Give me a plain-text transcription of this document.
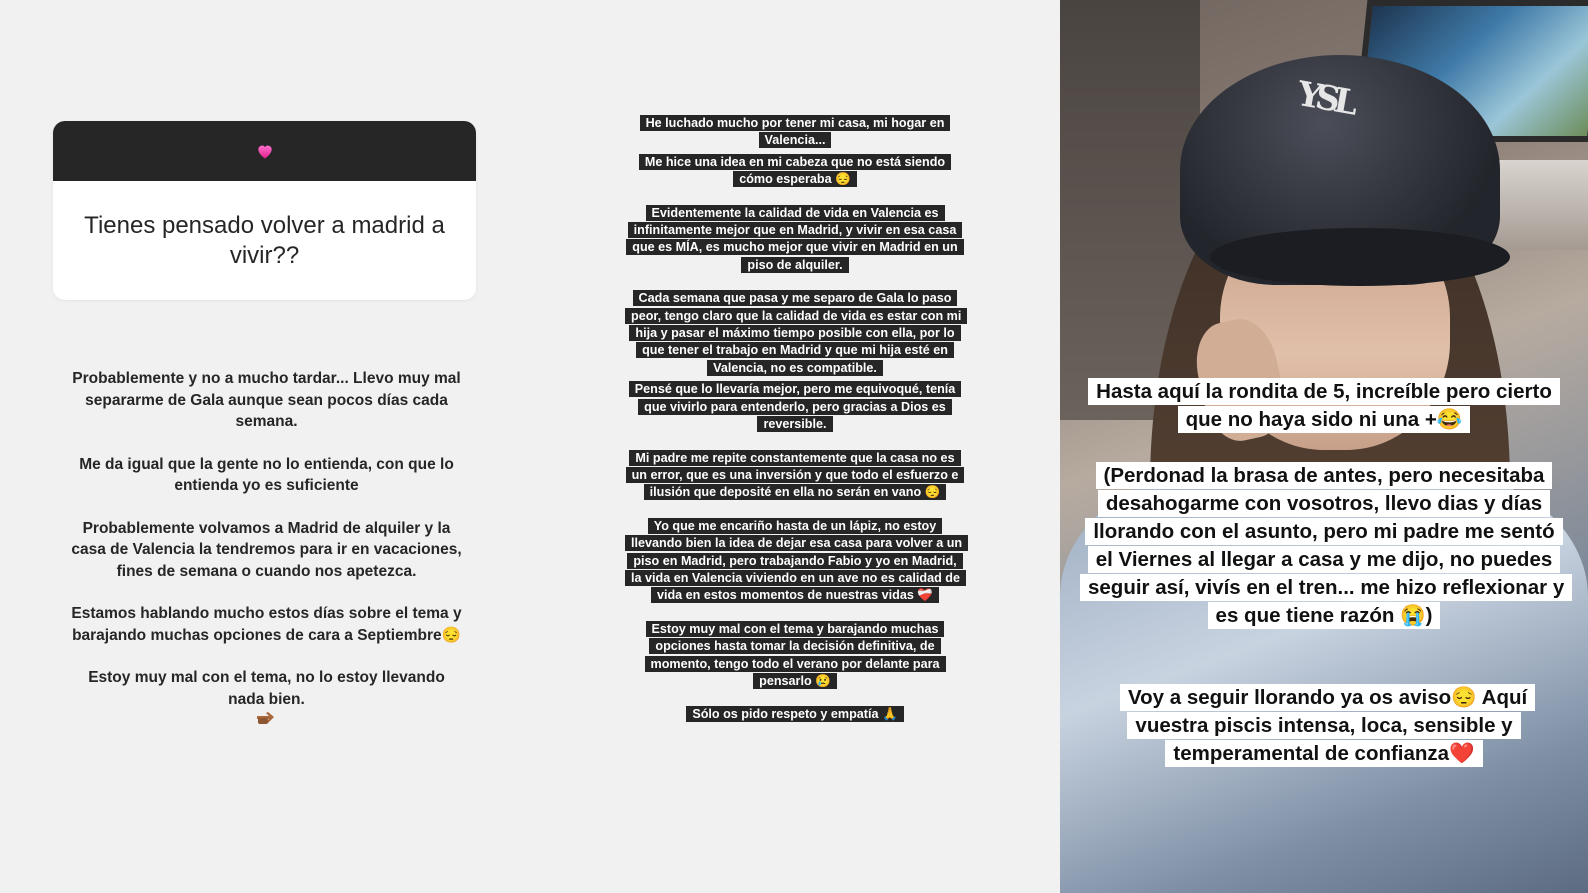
Tienes pensado volver a madrid a vivir??

Probablemente y no a mucho tardar... Llevo muy mal separarme de Gala aunque sean pocos días cada semana.

Me da igual que la gente no lo entienda, con que lo entienda yo es suficiente

Probablemente volvamos a Madrid de alquiler y la casa de Valencia la tendremos para ir en vacaciones, fines de semana o cuando nos apetezca.

Estamos hablando mucho estos días sobre el tema y barajando muchas opciones de cara a Septiembre😔

Estoy muy mal con el tema, no lo estoy llevando nada bien.

He luchado mucho por tener mi casa, mi hogar en Valencia...
Me hice una idea en mi cabeza que no está siendo cómo esperaba 😔
Evidentemente la calidad de vida en Valencia es infinitamente mejor que en Madrid, y vivir en esa casa que es MÍA, es mucho mejor que vivir en Madrid en un piso de alquiler.
Cada semana que pasa y me separo de Gala lo paso peor, tengo claro que la calidad de vida es estar con mi hija y pasar el máximo tiempo posible con ella, por lo que tener el trabajo en Madrid y que mi hija esté en Valencia, no es compatible.
Pensé que lo llevaría mejor, pero me equivoqué, tenía que vivirlo para entenderlo, pero gracias a Dios es reversible.
Mi padre me repite constantemente que la casa no es un error, que es una inversión y que todo el esfuerzo e ilusión que deposité en ella no serán en vano 😔
Yo que me encariño hasta de un lápiz, no estoy llevando bien la idea de dejar esa casa para volver a un piso en Madrid, pero trabajando Fabio y yo en Madrid, la vida en Valencia viviendo en un ave no es calidad de vida en estos momentos de nuestras vidas ❤️‍🩹
Estoy muy mal con el tema y barajando muchas opciones hasta tomar la decisión definitiva, de momento, tengo todo el verano por delante para pensarlo 😢
Sólo os pido respeto y empatía 🙏
YSL
Hasta aquí la rondita de 5, increíble pero cierto que no haya sido ni una +😂
(Perdonad la brasa de antes, pero necesitaba desahogarme con vosotros, llevo dias y días llorando con el asunto, pero mi padre me sentó el Viernes al llegar a casa y me dijo, no puedes seguir así, vivís en el tren... me hizo reflexionar y es que tiene razón 😭)
Voy a seguir llorando ya os aviso😔 Aquí vuestra piscis intensa, loca, sensible y temperamental de confianza❤️
